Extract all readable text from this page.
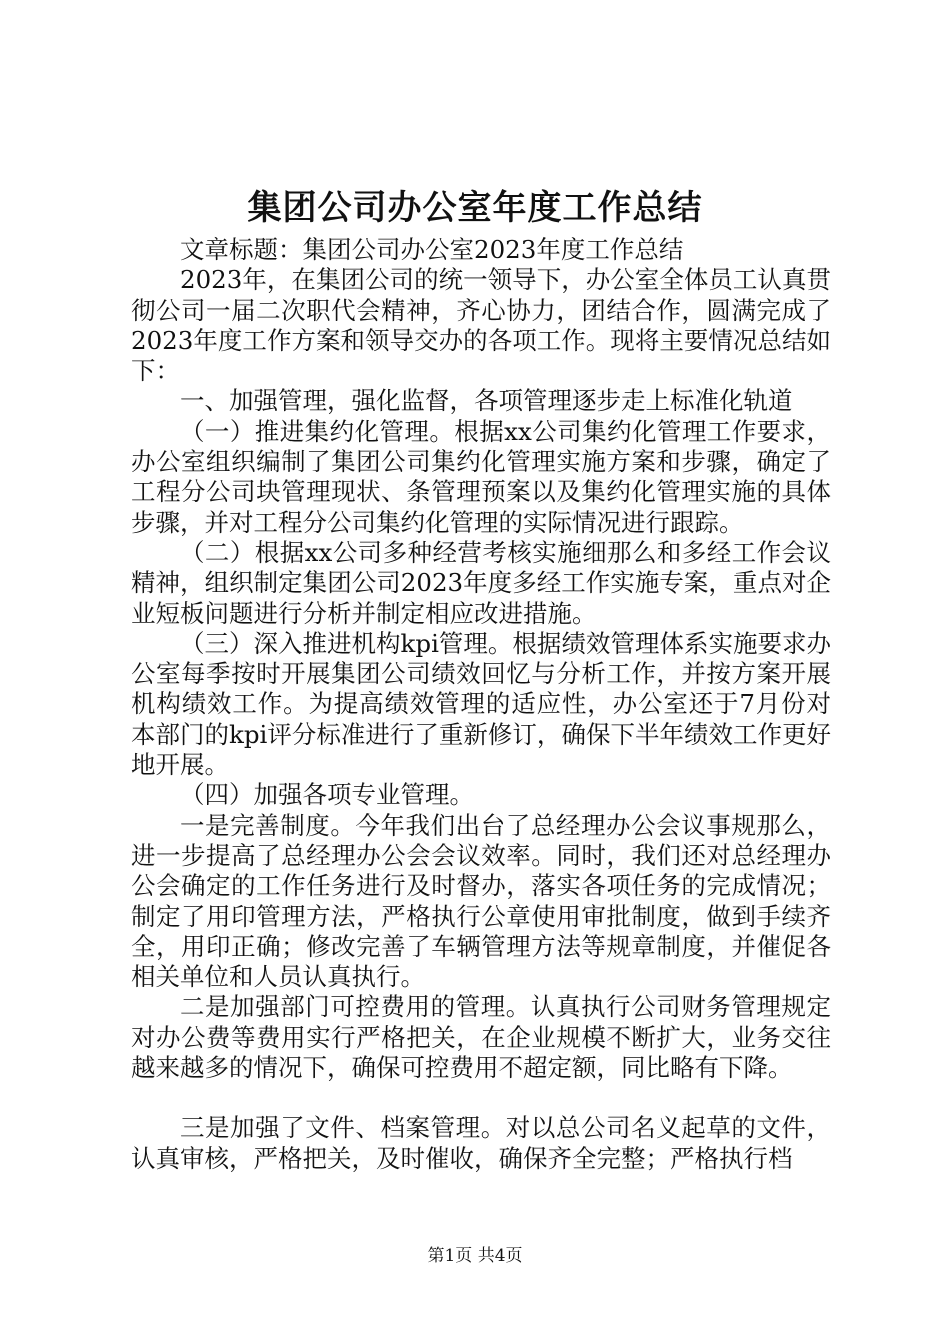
集团公司办公室年度工作总结

文章标题：集团公司办公室2023年度工作总结

2023年，在集团公司的统一领导下，办公室全体员工认真贯彻公司一届二次职代会精神，齐心协力，团结合作，圆满完成了2023年度工作方案和领导交办的各项工作。现将主要情况总结如下：

一、加强管理，强化监督，各项管理逐步走上标准化轨道

（一）推进集约化管理。根据xx公司集约化管理工作要求，办公室组织编制了集团公司集约化管理实施方案和步骤，确定了工程分公司块管理现状、条管理预案以及集约化管理实施的具体步骤，并对工程分公司集约化管理的实际情况进行跟踪。

（二）根据xx公司多种经营考核实施细那么和多经工作会议精神，组织制定集团公司2023年度多经工作实施专案，重点对企业短板问题进行分析并制定相应改进措施。

（三）深入推进机构kpi管理。根据绩效管理体系实施要求办公室每季按时开展集团公司绩效回忆与分析工作，并按方案开展机构绩效工作。为提高绩效管理的适应性，办公室还于7月份对本部门的kpi评分标准进行了重新修订，确保下半年绩效工作更好地开展。

（四）加强各项专业管理。

一是完善制度。今年我们出台了总经理办公会议事规那么，进一步提高了总经理办公会会议效率。同时，我们还对总经理办公会确定的工作任务进行及时督办，落实各项任务的完成情况；制定了用印管理方法，严格执行公章使用审批制度，做到手续齐全，用印正确；修改完善了车辆管理方法等规章制度，并催促各相关单位和人员认真执行。

二是加强部门可控费用的管理。认真执行公司财务管理规定对办公费等费用实行严格把关，在企业规模不断扩大，业务交往越来越多的情况下，确保可控费用不超定额，同比略有下降。

三是加强了文件、档案管理。对以总公司名义起草的文件，认真审核，严格把关，及时催收，确保齐全完整；严格执行档

第1页 共4页
